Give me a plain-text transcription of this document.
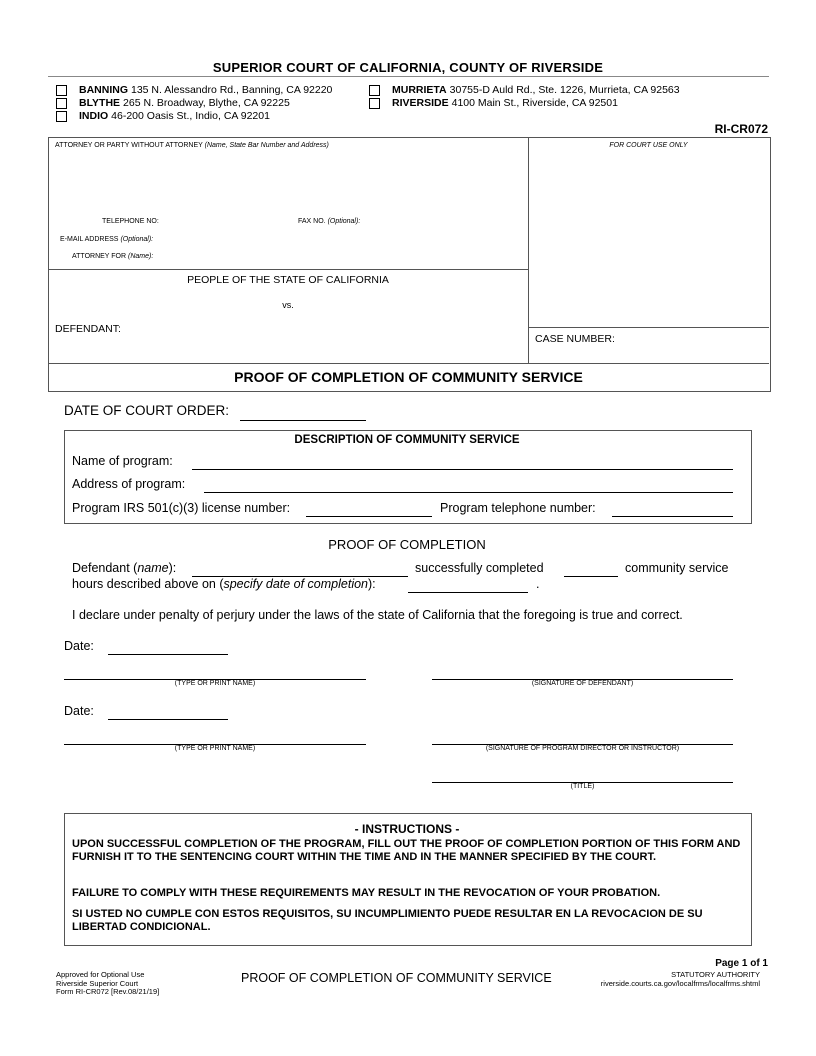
SUPERIOR COURT OF CALIFORNIA, COUNTY OF RIVERSIDE
BANNING 135 N. Alessandro Rd., Banning, CA 92220
BLYTHE 265 N. Broadway, Blythe, CA 92225
INDIO 46-200 Oasis St., Indio, CA 92201
MURRIETA 30755-D Auld Rd., Ste. 1226, Murrieta, CA 92563
RIVERSIDE 4100 Main St., Riverside, CA 92501
RI-CR072
ATTORNEY OR PARTY WITHOUT ATTORNEY (Name, State Bar Number and Address)	FOR COURT USE ONLY
TELEPHONE NO:	FAX NO. (Optional):
E-MAIL ADDRESS (Optional):
ATTORNEY FOR (Name):
PEOPLE OF THE STATE OF CALIFORNIA
vs.
DEFENDANT:
CASE NUMBER:
PROOF OF COMPLETION OF COMMUNITY SERVICE
DATE OF COURT ORDER:
DESCRIPTION OF COMMUNITY SERVICE
Name of program:
Address of program:
Program IRS 501(c)(3) license number:	Program telephone number:
PROOF OF COMPLETION
Defendant (name):	successfully completed	community service
hours described above on (specify date of completion):	.
I declare under penalty of perjury under the laws of the state of California that the foregoing is true and correct.
Date:
(TYPE OR PRINT NAME)	(SIGNATURE OF DEFENDANT)
Date:
(TYPE OR PRINT NAME)	(SIGNATURE OF PROGRAM DIRECTOR OR INSTRUCTOR)
(TITLE)
- INSTRUCTIONS -
UPON SUCCESSFUL COMPLETION OF THE PROGRAM, FILL OUT THE PROOF OF COMPLETION PORTION OF THIS FORM AND FURNISH IT TO THE SENTENCING COURT WITHIN THE TIME AND IN THE MANNER SPECIFIED BY THE COURT.
FAILURE TO COMPLY WITH THESE REQUIREMENTS MAY RESULT IN THE REVOCATION OF YOUR PROBATION.
SI USTED NO CUMPLE CON ESTOS REQUISITOS, SU INCUMPLIMIENTO PUEDE RESULTAR EN LA REVOCACION DE SU LIBERTAD CONDICIONAL.
Page 1 of 1
Approved for Optional Use
Riverside Superior Court
Form RI-CR072 [Rev.08/21/19]
PROOF OF COMPLETION OF COMMUNITY SERVICE	STATUTORY AUTHORITY
riverside.courts.ca.gov/localfrms/localfrms.shtml
